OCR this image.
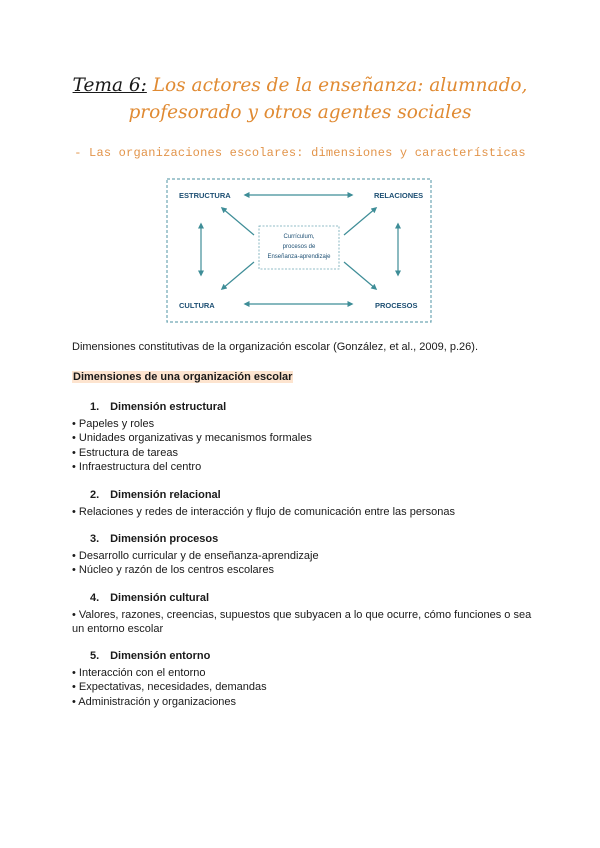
Tema 6: Los actores de la enseñanza: alumnado,
profesorado y otros agentes sociales
- Las organizaciones escolares: dimensiones y características
ESTRUCTURA	RELACIONES
CULTURA	PROCESOS
Currículum,
procesos de
Enseñanza-aprendizaje
Dimensiones constitutivas de la organización escolar (González, et al., 2009, p.26).
Dimensiones de una organización escolar
1. Dimensión estructural
• Papeles y roles
• Unidades organizativas y mecanismos formales
• Estructura de tareas
• Infraestructura del centro
2. Dimensión relacional
• Relaciones y redes de interacción y flujo de comunicación entre las personas
3. Dimensión procesos
• Desarrollo curricular y de enseñanza-aprendizaje
• Núcleo y razón de los centros escolares
4. Dimensión cultural
• Valores, razones, creencias, supuestos que subyacen a lo que ocurre, cómo funciones o sea un entorno escolar
5. Dimensión entorno
• Interacción con el entorno
• Expectativas, necesidades, demandas
• Administración y organizaciones
